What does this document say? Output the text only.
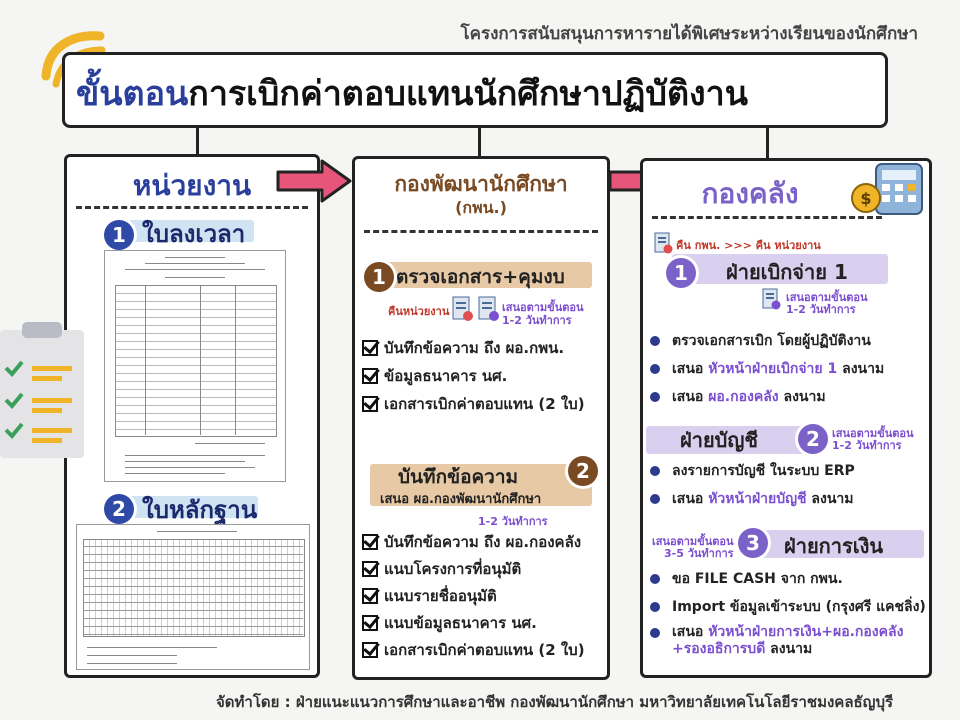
โครงการสนับสนุนการหารายได้พิเศษระหว่างเรียนของนักศึกษา
ขั้นตอนการเบิกค่าตอบแทนนักศึกษาปฏิบัติงาน
หน่วยงาน
1 ใบลงเวลา
2 ใบหลักฐาน
กองพัฒนานักศึกษา
(กพน.)
1 ตรวจเอกสาร+คุมงบ
คืนหน่วยงาน	เสนอตามขั้นตอน
1-2 วันทำการ
บันทึกข้อความ ถึง ผอ.กพน.
ข้อมูลธนาคาร นศ.
เอกสารเบิกค่าตอบแทน (2 ใบ)
2
บันทึกข้อความ
เสนอ ผอ.กองพัฒนานักศึกษา
1-2 วันทำการ
บันทึกข้อความ ถึง ผอ.กองคลัง
แนบโครงการที่อนุมัติ
แนบรายชื่ออนุมัติ
แนบข้อมูลธนาคาร นศ.
เอกสารเบิกค่าตอบแทน (2 ใบ)
กองคลัง	$
คืน กพน. >>> คืน หน่วยงาน
1	ฝ่ายเบิกจ่าย 1
เสนอตามขั้นตอน
1-2 วันทำการ
ตรวจเอกสารเบิก โดยผู้ปฏิบัติงาน
เสนอ หัวหน้าฝ่ายเบิกจ่าย 1 ลงนาม
เสนอ ผอ.กองคลัง ลงนาม
ฝ่ายบัญชี	2	เสนอตามขั้นตอน
1-2 วันทำการ
ลงรายการบัญชี ในระบบ ERP
เสนอ หัวหน้าฝ่ายบัญชี ลงนาม
เสนอตามขั้นตอน
3-5 วันทำการ 3	ฝ่ายการเงิน
ขอ FILE CASH จาก กพน.
Import ข้อมูลเข้าระบบ (กรุงศรี แคชลิ่ง)
เสนอ หัวหน้าฝ่ายการเงิน+ผอ.กองคลัง
+รองอธิการบดี ลงนาม
จัดทำโดย : ฝ่ายแนะแนวการศึกษาและอาชีพ กองพัฒนานักศึกษา มหาวิทยาลัยเทคโนโลยีราชมงคลธัญบุรี
